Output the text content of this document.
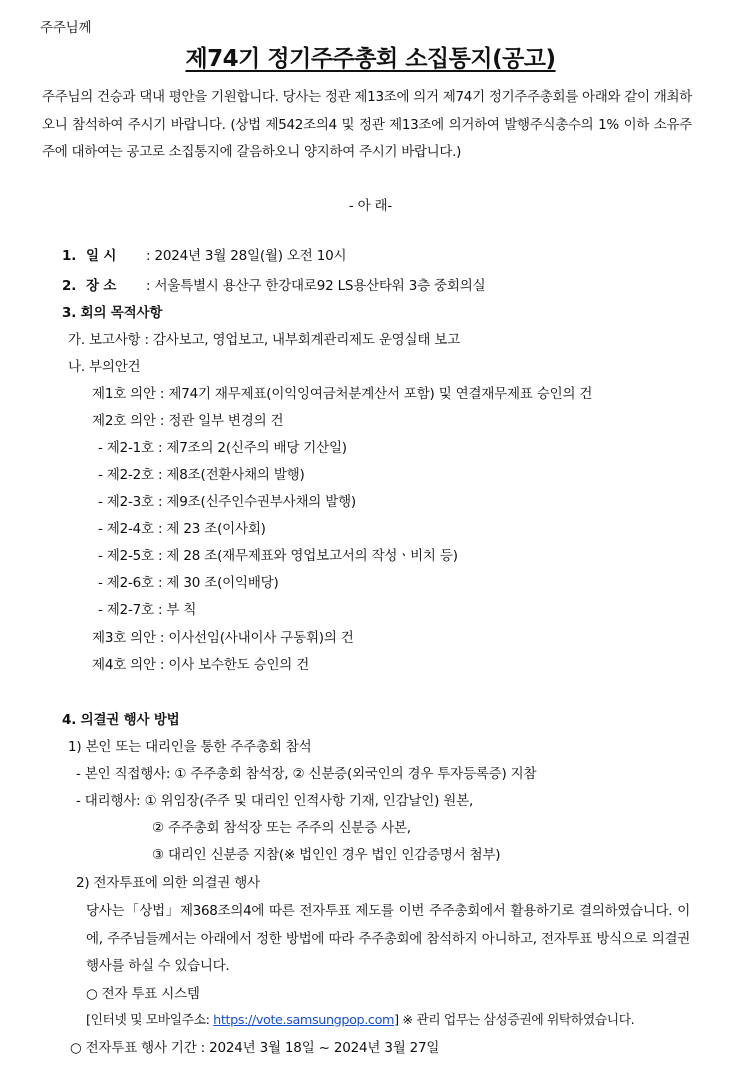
주주님께
제74기 정기주주총회 소집통지(공고)
주주님의 건승과 댁내 평안을 기원합니다. 당사는 정관 제13조에 의거 제74기 정기주주총회를 아래와 같이 개최하오니 참석하여 주시기 바랍니다. (상법 제542조의4 및 정관 제13조에 의거하여 발행주식총수의 1% 이하 소유주주에 대하여는 공고로 소집통지에 갈음하오니 양지하여 주시기 바랍니다.)
- 아 래-
1. 일 시 : 2024년 3월 28일(월) 오전 10시
2. 장 소 : 서울특별시 용산구 한강대로92 LS용산타워 3층 중회의실
3. 회의 목적사항
가. 보고사항 : 감사보고, 영업보고, 내부회계관리제도 운영실태 보고
나. 부의안건
제1호 의안 : 제74기 재무제표(이익잉여금처분계산서 포함) 및 연결재무제표 승인의 건
제2호 의안 : 정관 일부 변경의 건
- 제2-1호 : 제7조의 2(신주의 배당 기산일)
- 제2-2호 : 제8조(전환사채의 발행)
- 제2-3호 : 제9조(신주인수권부사채의 발행)
- 제2-4호 : 제 23 조(이사회)
- 제2-5호 : 제 28 조(재무제표와 영업보고서의 작성ㆍ비치 등)
- 제2-6호 : 제 30 조(이익배당)
- 제2-7호 : 부 칙
제3호 의안 : 이사선임(사내이사 구동휘)의 건
제4호 의안 : 이사 보수한도 승인의 건
4. 의결권 행사 방법
1) 본인 또는 대리인을 통한 주주총회 참석
- 본인 직접행사: ① 주주총회 참석장, ② 신분증(외국인의 경우 투자등록증) 지참
- 대리행사: ① 위임장(주주 및 대리인 인적사항 기재, 인감날인) 원본,
② 주주총회 참석장 또는 주주의 신분증 사본,
③ 대리인 신분증 지참(※ 법인인 경우 법인 인감증명서 첨부)
2) 전자투표에 의한 의결권 행사
당사는「상법」제368조의4에 따른 전자투표 제도를 이번 주주총회에서 활용하기로 결의하였습니다. 이에, 주주님들께서는 아래에서 정한 방법에 따라 주주총회에 참석하지 아니하고, 전자투표 방식으로 의결권 행사를 하실 수 있습니다.
○ 전자 투표 시스템
[인터넷 및 모바일주소: https://vote.samsungpop.com] ※ 관리 업무는 삼성증권에 위탁하였습니다.
○ 전자투표 행사 기간 : 2024년 3월 18일 ~ 2024년 3월 27일
